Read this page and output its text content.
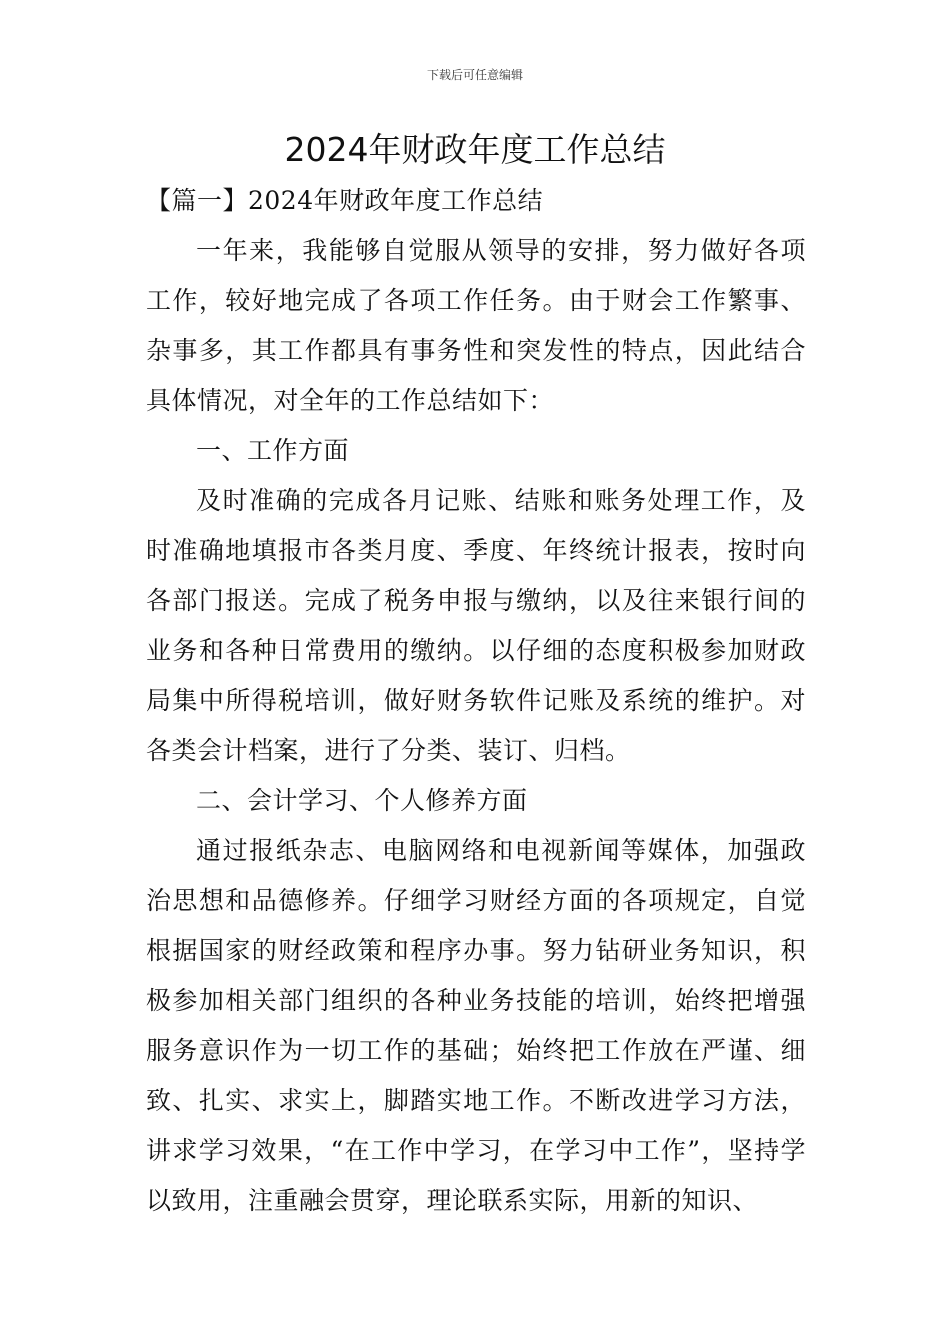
下载后可任意编辑
2024年财政年度工作总结

【篇一】2024年财政年度工作总结

一年来，我能够自觉服从领导的安排，努力做好各项工作，较好地完成了各项工作任务。由于财会工作繁事、杂事多，其工作都具有事务性和突发性的特点，因此结合具体情况，对全年的工作总结如下：

一、工作方面

及时准确的完成各月记账、结账和账务处理工作，及时准确地填报市各类月度、季度、年终统计报表，按时向各部门报送。完成了税务申报与缴纳，以及往来银行间的业务和各种日常费用的缴纳。以仔细的态度积极参加财政局集中所得税培训，做好财务软件记账及系统的维护。对各类会计档案，进行了分类、装订、归档。

二、会计学习、个人修养方面

通过报纸杂志、电脑网络和电视新闻等媒体，加强政治思想和品德修养。仔细学习财经方面的各项规定，自觉根据国家的财经政策和程序办事。努力钻研业务知识，积极参加相关部门组织的各种业务技能的培训，始终把增强服务意识作为一切工作的基础；始终把工作放在严谨、细致、扎实、求实上，脚踏实地工作。不断改进学习方法，讲求学习效果，“在工作中学习，在学习中工作”，坚持学以致用，注重融会贯穿，理论联系实际，用新的知识、
